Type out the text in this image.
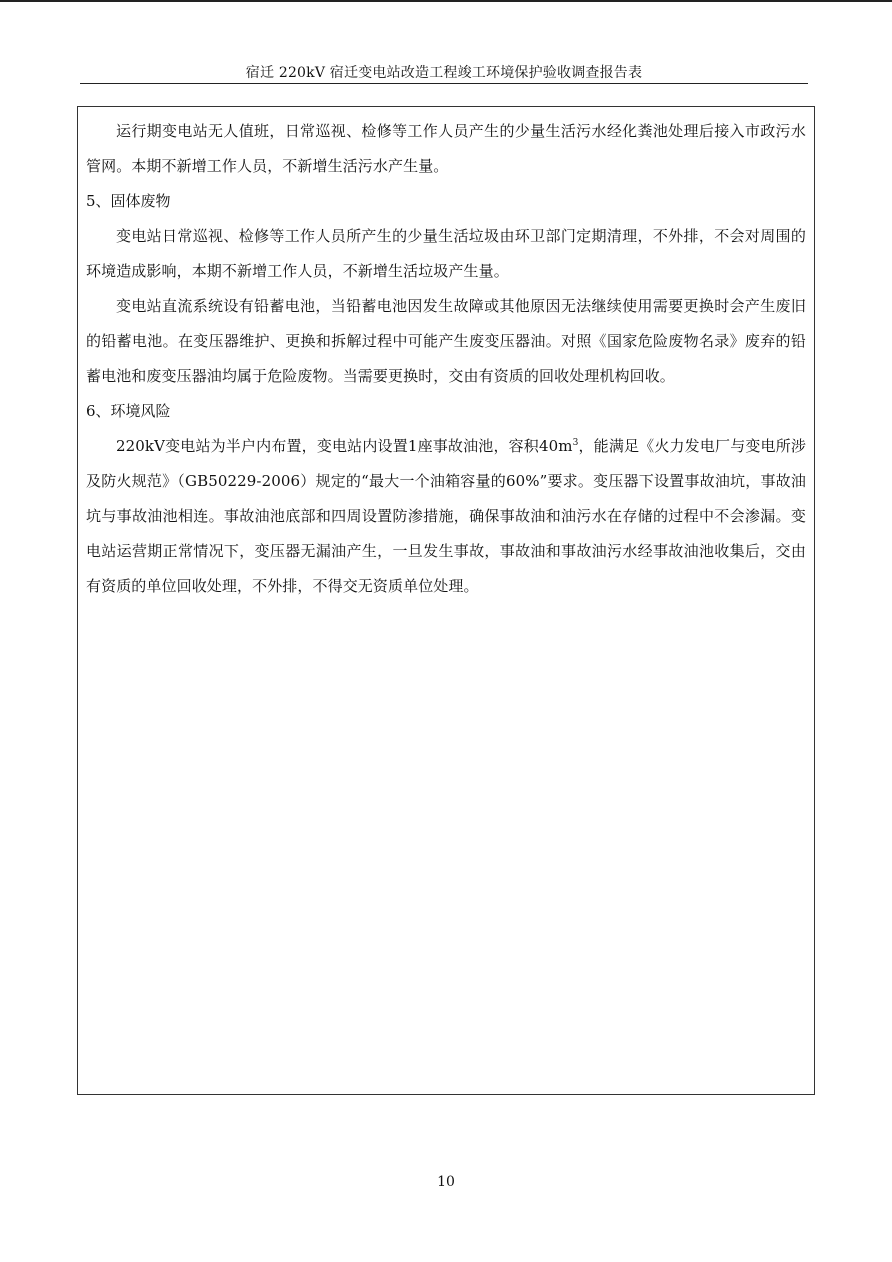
宿迁 220kV 宿迁变电站改造工程竣工环境保护验收调查报告表

运行期变电站无人值班，日常巡视、检修等工作人员产生的少量生活污水经化粪池处理后接入市政污水管网。本期不新增工作人员，不新增生活污水产生量。

5、固体废物

变电站日常巡视、检修等工作人员所产生的少量生活垃圾由环卫部门定期清理，不外排，不会对周围的环境造成影响，本期不新增工作人员，不新增生活垃圾产生量。

变电站直流系统设有铅蓄电池，当铅蓄电池因发生故障或其他原因无法继续使用需要更换时会产生废旧的铅蓄电池。在变压器维护、更换和拆解过程中可能产生废变压器油。对照《国家危险废物名录》废弃的铅蓄电池和废变压器油均属于危险废物。当需要更换时，交由有资质的回收处理机构回收。

6、环境风险

220kV变电站为半户内布置，变电站内设置1座事故油池，容积$40m^3$，能满足《火力发电厂与变电所涉及防火规范》（GB50229-2006）规定的“最大一个油箱容量的60%”要求。变压器下设置事故油坑，事故油坑与事故油池相连。事故油池底部和四周设置防渗措施，确保事故油和油污水在存储的过程中不会渗漏。变电站运营期正常情况下，变压器无漏油产生，一旦发生事故，事故油和事故油污水经事故油池收集后，交由有资质的单位回收处理，不外排，不得交无资质单位处理。

10
